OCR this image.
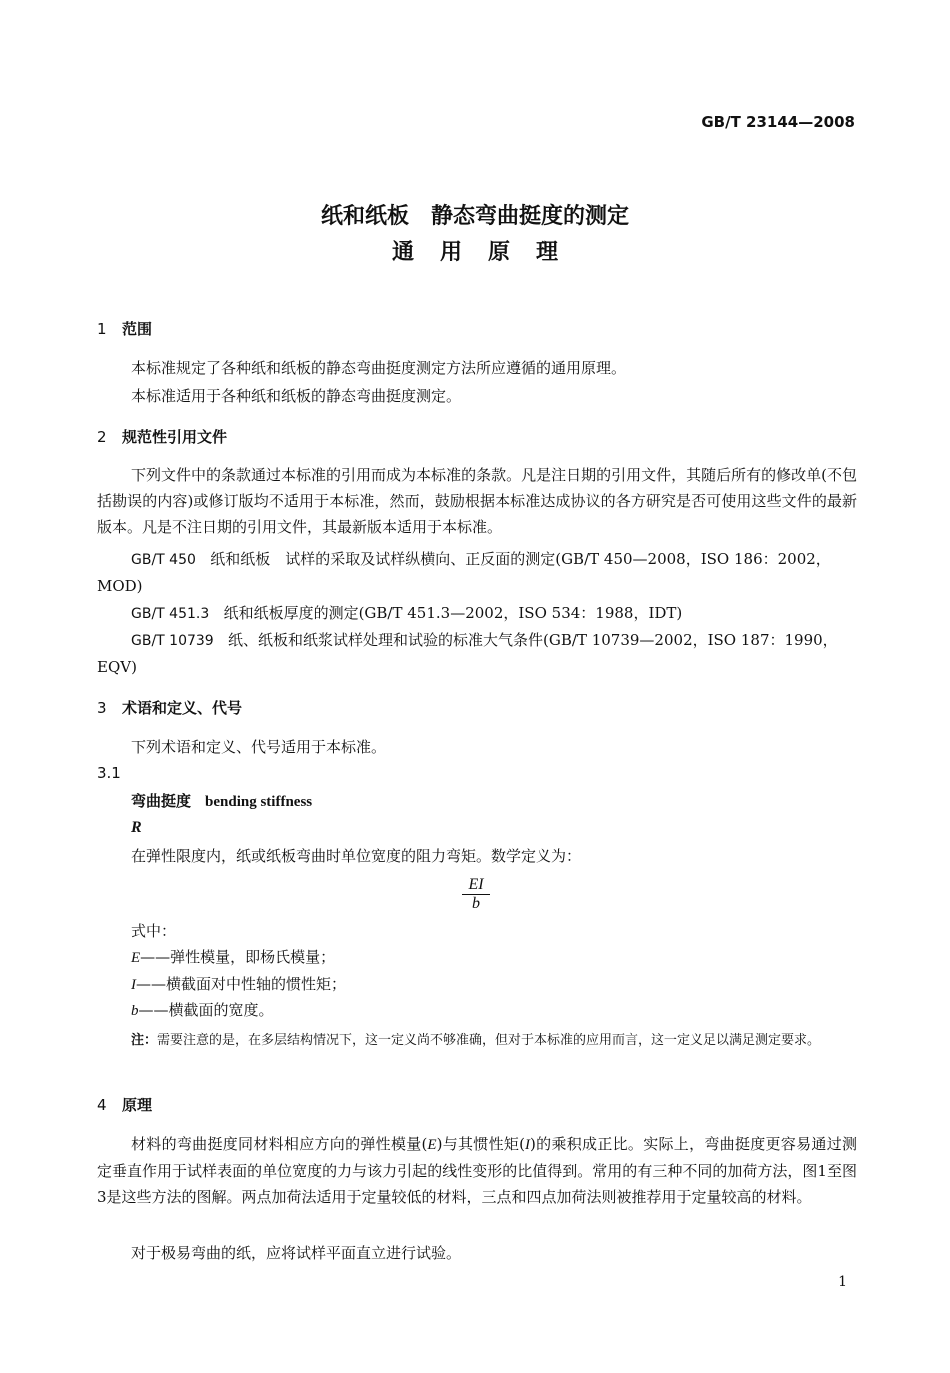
GB/T 23144—2008
纸和纸板　静态弯曲挺度的测定
通用原理
1 范围
本标准规定了各种纸和纸板的静态弯曲挺度测定方法所应遵循的通用原理。
本标准适用于各种纸和纸板的静态弯曲挺度测定。
2 规范性引用文件
下列文件中的条款通过本标准的引用而成为本标准的条款。凡是注日期的引用文件，其随后所有的修改单(不包括勘误的内容)或修订版均不适用于本标准，然而，鼓励根据本标准达成协议的各方研究是否可使用这些文件的最新版本。凡是不注日期的引用文件，其最新版本适用于本标准。
GB/T 450 纸和纸板　试样的采取及试样纵横向、正反面的测定(GB/T 450—2008，ISO 186：2002，MOD)
GB/T 451.3 纸和纸板厚度的测定(GB/T 451.3—2002，ISO 534：1988，IDT)
GB/T 10739 纸、纸板和纸浆试样处理和试验的标准大气条件(GB/T 10739—2002，ISO 187：1990，EQV)
3 术语和定义、代号
下列术语和定义、代号适用于本标准。
3.1
弯曲挺度 bending stiffness
R
在弹性限度内，纸或纸板弯曲时单位宽度的阻力弯矩。数学定义为：
$\frac{EI}{b}$
式中：
E——弹性模量，即杨氏模量；
I——横截面对中性轴的惯性矩；
b——横截面的宽度。
注：需要注意的是，在多层结构情况下，这一定义尚不够准确，但对于本标准的应用而言，这一定义足以满足测定要求。
4 原理
材料的弯曲挺度同材料相应方向的弹性模量(E)与其惯性矩(I)的乘积成正比。实际上，弯曲挺度更容易通过测定垂直作用于试样表面的单位宽度的力与该力引起的线性变形的比值得到。常用的有三种不同的加荷方法，图1至图3是这些方法的图解。两点加荷法适用于定量较低的材料，三点和四点加荷法则被推荐用于定量较高的材料。
对于极易弯曲的纸，应将试样平面直立进行试验。
1
